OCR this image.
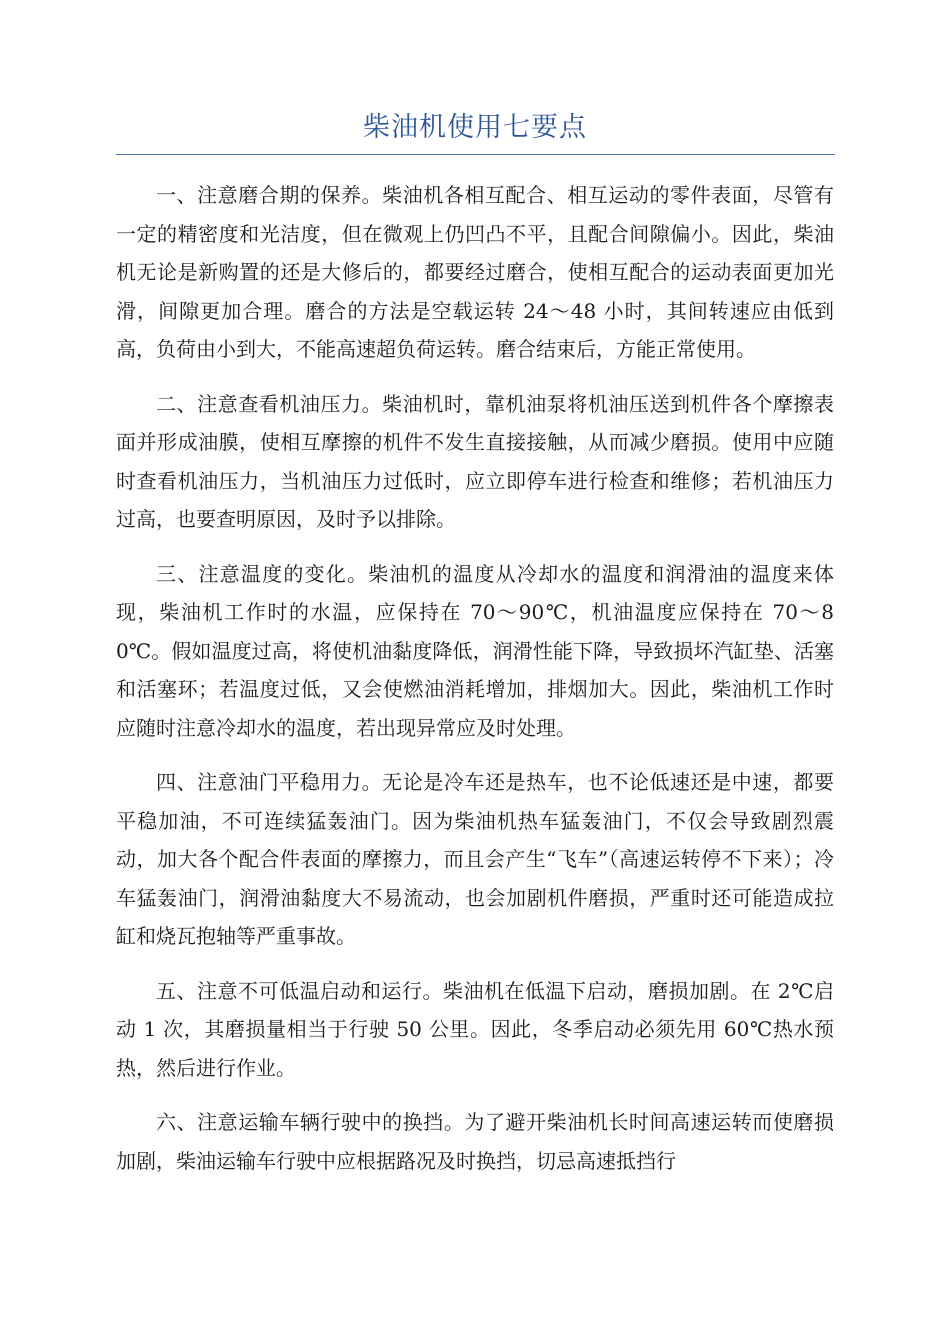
柴油机使用七要点

一、注意磨合期的保养。柴油机各相互配合、相互运动的零件表面，尽管有一定的精密度和光洁度，但在微观上仍凹凸不平，且配合间隙偏小。因此，柴油机无论是新购置的还是大修后的，都要经过磨合，使相互配合的运动表面更加光滑，间隙更加合理。磨合的方法是空载运转 24～48 小时，其间转速应由低到高，负荷由小到大，不能高速超负荷运转。磨合结束后，方能正常使用。

二、注意查看机油压力。柴油机时，靠机油泵将机油压送到机件各个摩擦表面并形成油膜，使相互摩擦的机件不发生直接接触，从而减少磨损。使用中应随时查看机油压力，当机油压力过低时，应立即停车进行检查和维修；若机油压力过高，也要查明原因，及时予以排除。

三、注意温度的变化。柴油机的温度从冷却水的温度和润滑油的温度来体现，柴油机工作时的水温，应保持在 70～90℃，机油温度应保持在 70～80℃。假如温度过高，将使机油黏度降低，润滑性能下降，导致损坏汽缸垫、活塞和活塞环；若温度过低，又会使燃油消耗增加，排烟加大。因此，柴油机工作时应随时注意冷却水的温度，若出现异常应及时处理。

四、注意油门平稳用力。无论是冷车还是热车，也不论低速还是中速，都要平稳加油，不可连续猛轰油门。因为柴油机热车猛轰油门，不仅会导致剧烈震动，加大各个配合件表面的摩擦力，而且会产生“飞车”（高速运转停不下来）；冷车猛轰油门，润滑油黏度大不易流动，也会加剧机件磨损，严重时还可能造成拉缸和烧瓦抱轴等严重事故。

五、注意不可低温启动和运行。柴油机在低温下启动，磨损加剧。在 2℃启动 1 次，其磨损量相当于行驶 50 公里。因此，冬季启动必须先用 60℃热水预热，然后进行作业。

六、注意运输车辆行驶中的换挡。为了避开柴油机长时间高速运转而使磨损加剧，柴油运输车行驶中应根据路况及时换挡，切忌高速抵挡行
